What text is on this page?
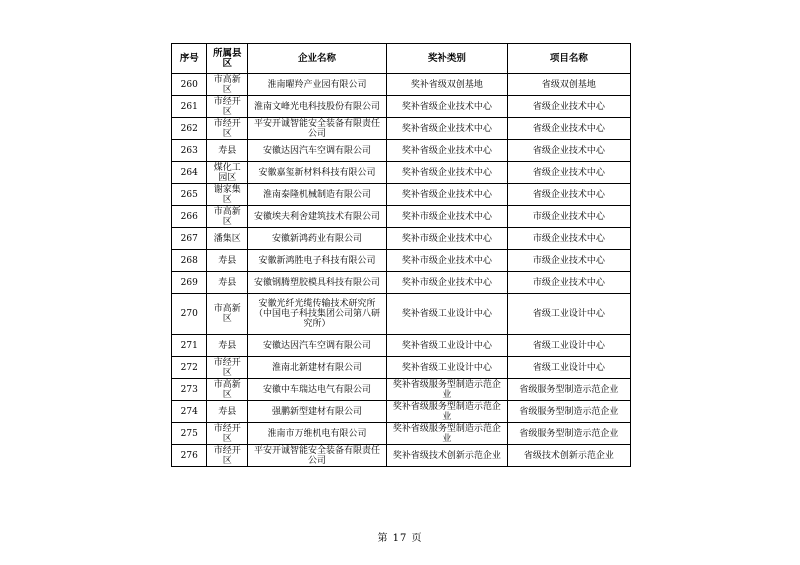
序号	所属县区	企业名称	奖补类别	项目名称
260	市高新区	淮南曜羚产业园有限公司	奖补省级双创基地	省级双创基地
261	市经开区	淮南文峰光电科技股份有限公司	奖补省级企业技术中心	省级企业技术中心
262	市经开区	平安开诚智能安全装备有限责任公司	奖补省级企业技术中心	省级企业技术中心
263	寿县	安徽达因汽车空调有限公司	奖补省级企业技术中心	省级企业技术中心
264	煤化工园区	安徽嘉玺新材料科技有限公司	奖补省级企业技术中心	省级企业技术中心
265	谢家集区	淮南泰隆机械制造有限公司	奖补省级企业技术中心	省级企业技术中心
266	市高新区	安徽埃夫利舍建筑技术有限公司	奖补市级企业技术中心	市级企业技术中心
267	潘集区	安徽新鸿药业有限公司	奖补市级企业技术中心	市级企业技术中心
268	寿县	安徽新鸿胜电子科技有限公司	奖补市级企业技术中心	市级企业技术中心
269	寿县	安徽钢腾塑胶模具科技有限公司	奖补市级企业技术中心	市级企业技术中心
270	市高新区	安徽光纤光缆传输技术研究所（中国电子科技集团公司第八研究所）	奖补省级工业设计中心	省级工业设计中心
271	寿县	安徽达因汽车空调有限公司	奖补省级工业设计中心	省级工业设计中心
272	市经开区	淮南北新建材有限公司	奖补省级工业设计中心	省级工业设计中心
273	市高新区	安徽中车瑞达电气有限公司	奖补省级服务型制造示范企业	省级服务型制造示范企业
274	寿县	强鹏新型建材有限公司	奖补省级服务型制造示范企业	省级服务型制造示范企业
275	市经开区	淮南市万维机电有限公司	奖补省级服务型制造示范企业	省级服务型制造示范企业
276	市经开区	平安开诚智能安全装备有限责任公司	奖补省级技术创新示范企业	省级技术创新示范企业
第 17 页
